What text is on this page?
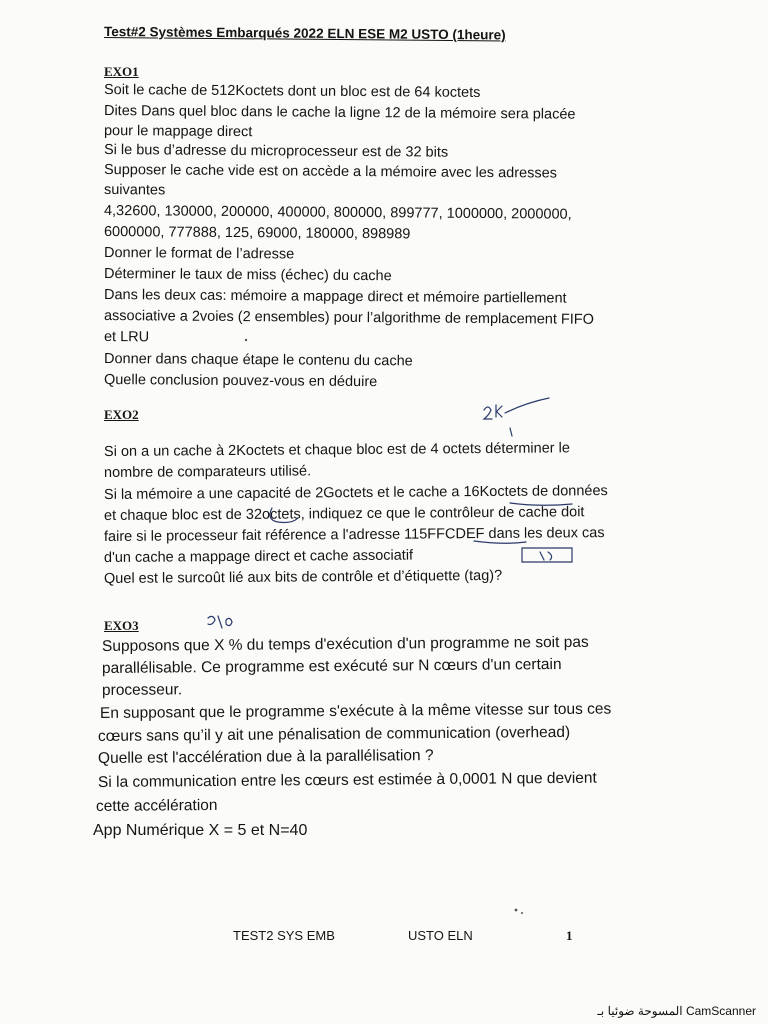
Test#2 Systèmes Embarqués 2022 ELN ESE M2 USTO (1heure)
EXO1
Soit le cache de 512Koctets dont un bloc est de 64 koctets
Dites Dans quel bloc dans le cache la ligne 12 de la mémoire sera placée
pour le mappage direct
Si le bus d’adresse du microprocesseur est de 32 bits
Supposer le cache vide est on accède a la mémoire avec les adresses
suivantes
4,32600, 130000, 200000, 400000, 800000, 899777, 1000000, 2000000,
6000000, 777888, 125, 69000, 180000, 898989
Donner le format de l’adresse
Déterminer le taux de miss (échec) du cache
Dans les deux cas: mémoire a mappage direct et mémoire partiellement
associative a 2voies (2 ensembles) pour l’algorithme de remplacement FIFO
et LRU
Donner dans chaque étape le contenu du cache
Quelle conclusion pouvez-vous en déduire
EXO2
Si on a un cache à 2Koctets et chaque bloc est de 4 octets déterminer le
nombre de comparateurs utilisé.
Si la mémoire a une capacité de 2Goctets et le cache a 16Koctets de données
et chaque bloc est de 32octets, indiquez ce que le contrôleur de cache doit
faire si le processeur fait référence a l'adresse 115FFCDEF dans les deux cas
d'un cache a mappage direct et cache associatif
Quel est le surcoût lié aux bits de contrôle et d’étiquette (tag)?
EXO3
Supposons que X % du temps d'exécution d'un programme ne soit pas
parallélisable. Ce programme est exécuté sur N cœurs d'un certain
processeur.
En supposant que le programme s'exécute à la même vitesse sur tous ces
cœurs sans qu’il y ait une pénalisation de communication (overhead)
Quelle est l'accélération due à la parallélisation ?
Si la communication entre les cœurs est estimée à 0,0001 N que devient
cette accélération
App Numérique X = 5 et N=40
TEST2 SYS EMB	USTO ELN	1
المسوحة ضوئيا بـ CamScanner
